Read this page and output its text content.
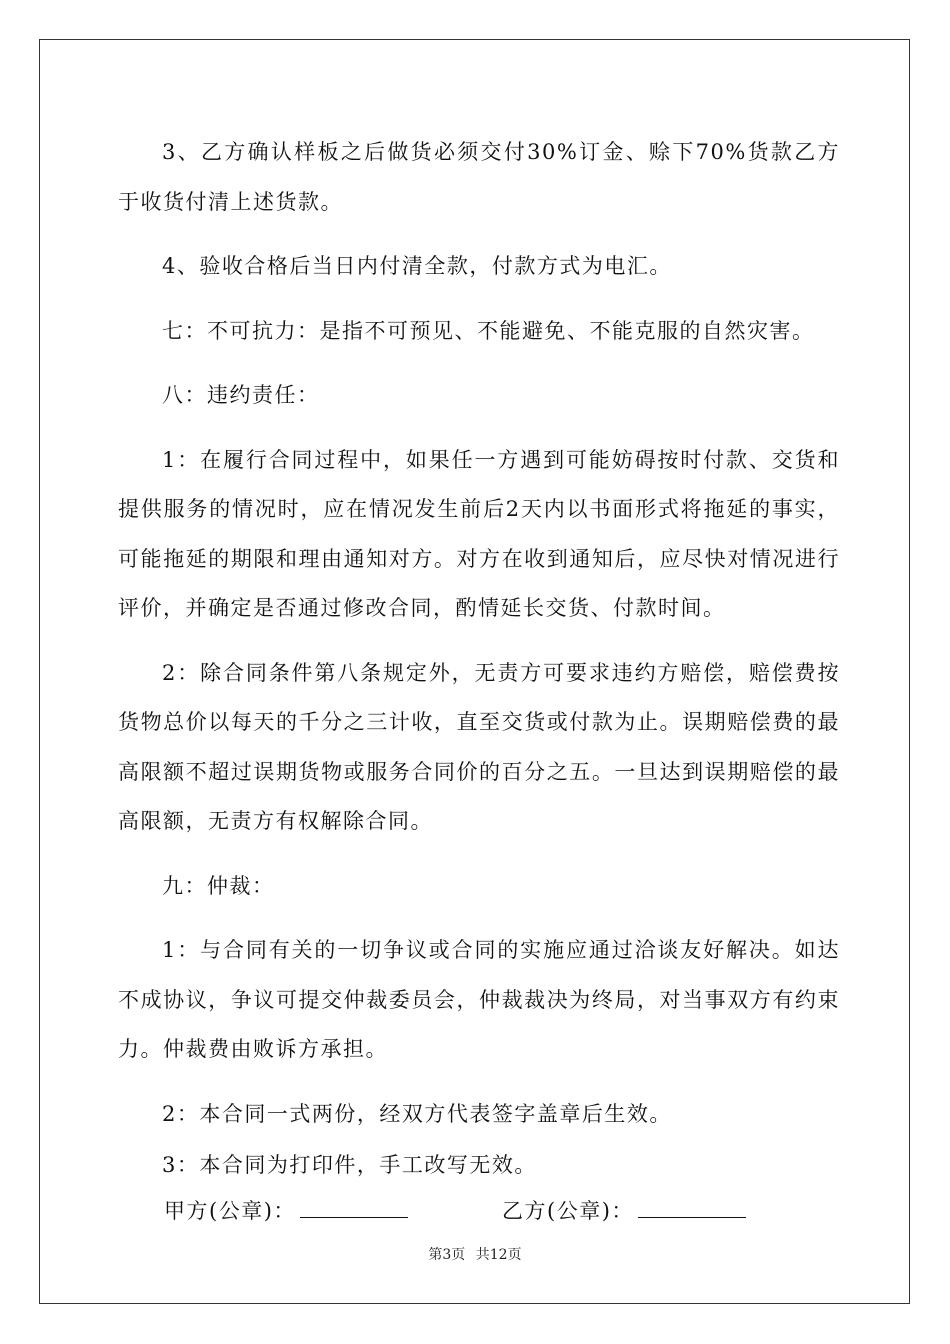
3、乙方确认样板之后做货必须交付30%订金、赊下70%货款乙方于收货付清上述货款。

4、验收合格后当日内付清全款，付款方式为电汇。

七：不可抗力：是指不可预见、不能避免、不能克服的自然灾害。

八：违约责任：

1：在履行合同过程中，如果任一方遇到可能妨碍按时付款、交货和提供服务的情况时，应在情况发生前后2天内以书面形式将拖延的事实，可能拖延的期限和理由通知对方。对方在收到通知后，应尽快对情况进行评价，并确定是否通过修改合同，酌情延长交货、付款时间。

2：除合同条件第八条规定外，无责方可要求违约方赔偿，赔偿费按货物总价以每天的千分之三计收，直至交货或付款为止。误期赔偿费的最高限额不超过误期货物或服务合同价的百分之五。一旦达到误期赔偿的最高限额，无责方有权解除合同。

九：仲裁：

1：与合同有关的一切争议或合同的实施应通过洽谈友好解决。如达不成协议，争议可提交仲裁委员会，仲裁裁决为终局，对当事双方有约束力。仲裁费由败诉方承担。

2：本合同一式两份，经双方代表签字盖章后生效。

3：本合同为打印件，手工改写无效。

甲方(公章)：	乙方(公章)：
第3页 共12页
